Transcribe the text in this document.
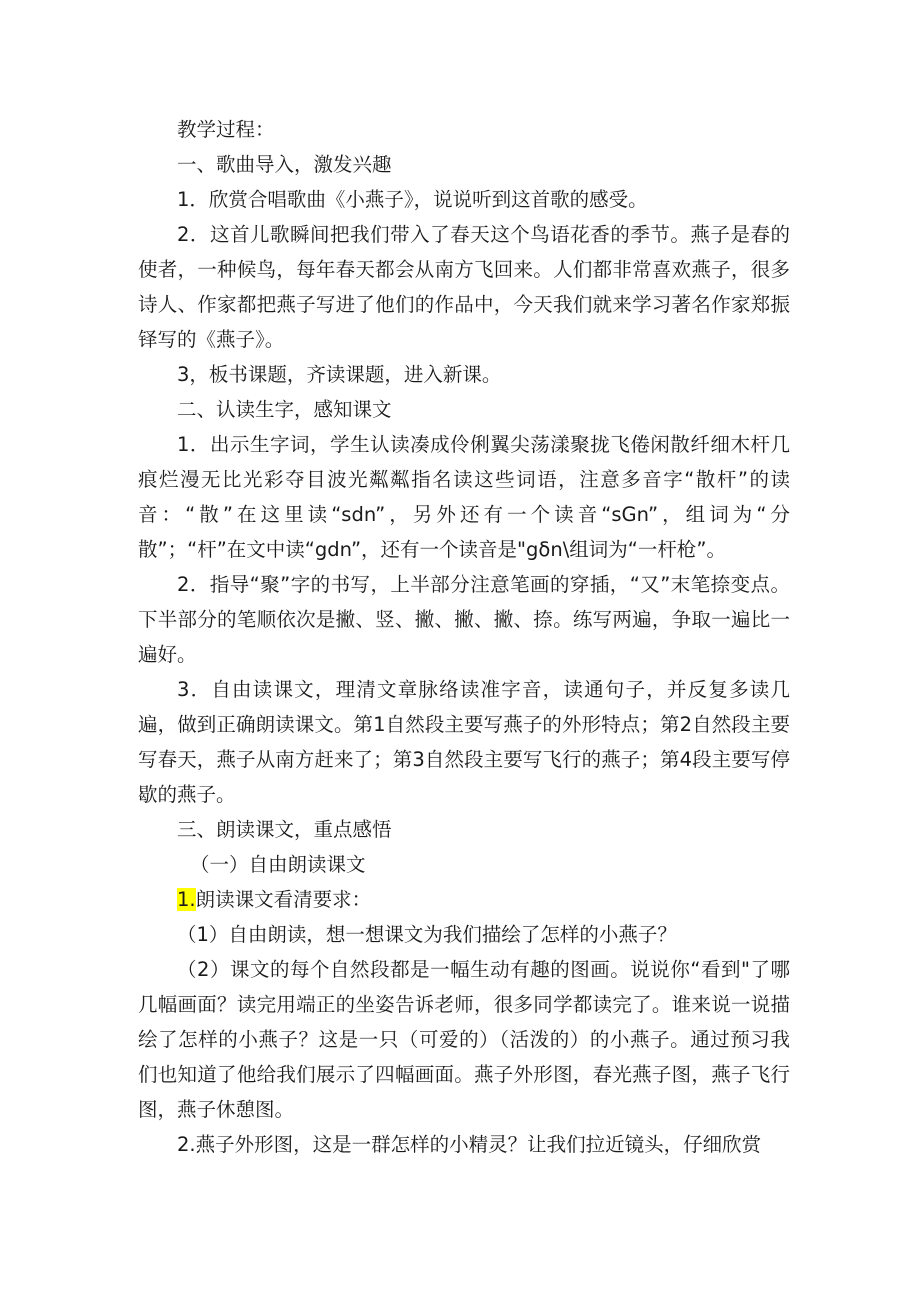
教学过程：

一、歌曲导入，激发兴趣

1．欣赏合唱歌曲《小燕子》，说说听到这首歌的感受。

2．这首儿歌瞬间把我们带入了春天这个鸟语花香的季节。燕子是春的使者，一种候鸟，每年春天都会从南方飞回来。人们都非常喜欢燕子，很多诗人、作家都把燕子写进了他们的作品中，今天我们就来学习著名作家郑振铎写的《燕子》。

3，板书课题，齐读课题，进入新课。

二、认读生字，感知课文

1．出示生字词，学生认读凑成伶俐翼尖荡漾聚拢飞倦闲散纤细木杆几痕烂漫无比光彩夺目波光粼粼指名读这些词语，注意多音字“散杆”的读音：“散”在这里读“sdn”，另外还有一个读音“sGn”，组词为“分散”；“杆”在文中读“gdn”，还有一个读音是"gδn\组词为“一杆枪”。

2．指导“聚”字的书写，上半部分注意笔画的穿插，“又”末笔捺变点。下半部分的笔顺依次是撇、竖、撇、撇、撇、捺。练写两遍，争取一遍比一遍好。

3．自由读课文，理清文章脉络读准字音，读通句子，并反复多读几遍，做到正确朗读课文。第1自然段主要写燕子的外形特点；第2自然段主要写春天，燕子从南方赶来了；第3自然段主要写飞行的燕子；第4段主要写停歇的燕子。

三、朗读课文，重点感悟

（一）自由朗读课文

1.朗读课文看清要求：

（1）自由朗读，想一想课文为我们描绘了怎样的小燕子？

（2）课文的每个自然段都是一幅生动有趣的图画。说说你“看到"了哪几幅画面？读完用端正的坐姿告诉老师，很多同学都读完了。谁来说一说描绘了怎样的小燕子？这是一只（可爱的）（活泼的）的小燕子。通过预习我们也知道了他给我们展示了四幅画面。燕子外形图，春光燕子图，燕子飞行图，燕子休憩图。

2.燕子外形图，这是一群怎样的小精灵？让我们拉近镜头，仔细欣赏
